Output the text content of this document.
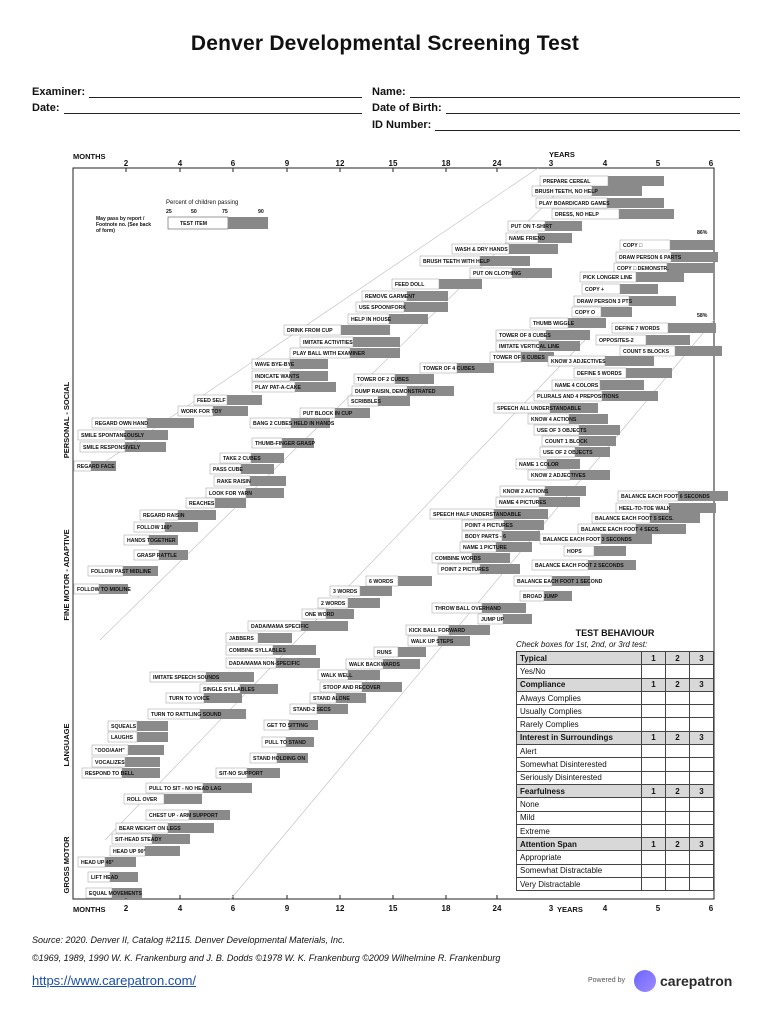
Denver Developmental Screening Test
Examiner:
Date:
Name:
Date of Birth:
ID Number:
MONTHS	YEARS
MONTHS	YEARS
2	4	6	9	12	15	18	24	3	4	5	6
2	4	6	9	12	15	18	24	3	4	5	6
PERSONAL - SOCIAL
FINE MOTOR - ADAPTIVE
LANGUAGE
GROSS MOTOR
Percent of children passing
25	50	75	90
TEST ITEM
May pass by report / Footnote no. (See back of form)	86%
58%
PREPARE CEREAL
BRUSH TEETH, NO HELP
PLAY BOARD/CARD GAMES
DRESS, NO HELP
PUT ON T-SHIRT
NAME FRIEND
WASH & DRY HANDS
BRUSH TEETH WITH HELP
PUT ON CLOTHING
FEED DOLL
REMOVE GARMENT
USE SPOON/FORK
HELP IN HOUSE
DRINK FROM CUP
IMITATE ACTIVITIES
PLAY BALL WITH EXAMINER
WAVE BYE-BYE
INDICATE WANTS
PLAY PAT-A-CAKE
FEED SELF
WORK FOR TOY
REGARD OWN HAND
SMILE SPONTANEOUSLY
SMILE RESPONSIVELY
REGARD FACE
COPY □
DRAW PERSON 6 PARTS
COPY □ DEMONSTR.
PICK LONGER LINE
COPY +
DRAW PERSON 3 PTS
COPY O
THUMB WIGGLE
TOWER OF 8 CUBES
IMITATE VERTICAL LINE
TOWER OF 6 CUBES
TOWER OF 4 CUBES
TOWER OF 2 CUBES
DUMP RAISIN, DEMONSTRATED
SCRIBBLES
PUT BLOCK IN CUP
BANG 2 CUBES HELD IN HANDS
THUMB-FINGER GRASP
TAKE 2 CUBES
PASS CUBE
RAKE RAISIN
LOOK FOR YARN
REACHES
REGARD RAISIN
FOLLOW 180°
HANDS TOGETHER
GRASP RATTLE
FOLLOW PAST MIDLINE
FOLLOW TO MIDLINE
DEFINE 7 WORDS
OPPOSITES-2
COUNT 5 BLOCKS
KNOW 3 ADJECTIVES
DEFINE 5 WORDS
NAME 4 COLORS
PLURALS AND 4 PREPOSITIONS
SPEECH ALL UNDERSTANDABLE
KNOW 4 ACTIONS
USE OF 3 OBJECTS
COUNT 1 BLOCK
USE OF 2 OBJECTS
NAME 1 COLOR
KNOW 2 ADJECTIVES
KNOW 2 ACTIONS
NAME 4 PICTURES
SPEECH HALF UNDERSTANDABLE
POINT 4 PICTURES
BODY PARTS - 6
NAME 1 PICTURE
COMBINE WORDS
POINT 2 PICTURES
6 WORDS
3 WORDS
2 WORDS
ONE WORD
DADA/MAMA SPECIFIC
JABBERS
COMBINE SYLLABLES
DADA/MAMA NON-SPECIFIC
IMITATE SPEECH SOUNDS
SINGLE SYLLABLES
TURN TO VOICE
TURN TO RATTLING SOUND
SQUEALS
LAUGHS
"OOO/AAH"
VOCALIZES
RESPOND TO BELL
BALANCE EACH FOOT 6 SECONDS
HEEL-TO-TOE WALK
BALANCE EACH FOOT 5 SECS.
BALANCE EACH FOOT 4 SECS.
BALANCE EACH FOOT 3 SECONDS
HOPS
BALANCE EACH FOOT 2 SECONDS
BALANCE EACH FOOT 1 SECOND
BROAD JUMP
THROW BALL OVERHAND
JUMP UP
KICK BALL FORWARD
WALK UP STEPS
RUNS
WALK BACKWARDS
WALK WELL
STOOP AND RECOVER
STAND ALONE
STAND-2 SECS
GET TO SITTING
PULL TO STAND
STAND HOLDING ON
SIT-NO SUPPORT
PULL TO SIT - NO HEAD LAG
ROLL OVER
CHEST UP - ARM SUPPORT
BEAR WEIGHT ON LEGS
SIT-HEAD STEADY
HEAD UP 90°
HEAD UP 45°
LIFT HEAD
EQUAL MOVEMENTS
TEST BEHAVIOUR
Check boxes for 1st, 2nd, or 3rd test:
Typical	1	2	3
Yes/No			
Compliance	1	2	3
Always Complies			
Usually Complies			
Rarely Complies			
Interest in Surroundings	1	2	3
Alert			
Somewhat Disinterested			
Seriously Disinterested			
Fearfulness	1	2	3
None			
Mild			
Extreme			
Attention Span	1	2	3
Appropriate			
Somewhat Distractable			
Very Distractable			
Source: 2020. Denver II, Catalog #2115. Denver Developmental Materials, Inc.
©1969, 1989, 1990 W. K. Frankenburg and J. B. Dodds ©1978 W. K. Frankenburg ©2009 Wilhelmine R. Frankenburg
https://www.carepatron.com/	Powered by	carepatron
